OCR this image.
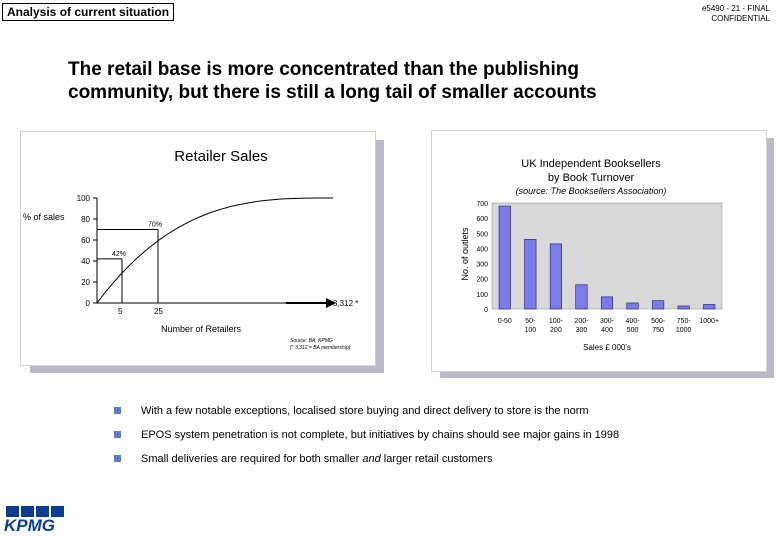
Analysis of current situation	e5490 - 21 - FINAL
CONFIDENTIAL
The retail base is more concentrated than the publishing
community, but there is still a long tail of smaller accounts
Retailer Sales
% of sales
Number of Retailers
Source: BA, KPMG
(* 3,312 = BA membership)
0
20
40
60
80
100
3,312 *
70%
25
42%
5
UK Independent Booksellers
by Book Turnover
(source: The Booksellers Association)
No. of outlets
Sales £ 000's
0
100
200
300
400
500
600
700
0-50 50-
100
100-
200
200-
300
300-
400
400-
500
500-
750
750-
1000
1000+
With a few notable exceptions, localised store buying and direct delivery to store is the norm
EPOS system penetration is not complete, but initiatives by chains should see major gains in 1998
Small deliveries are required for both smaller and larger retail customers
KPMG
